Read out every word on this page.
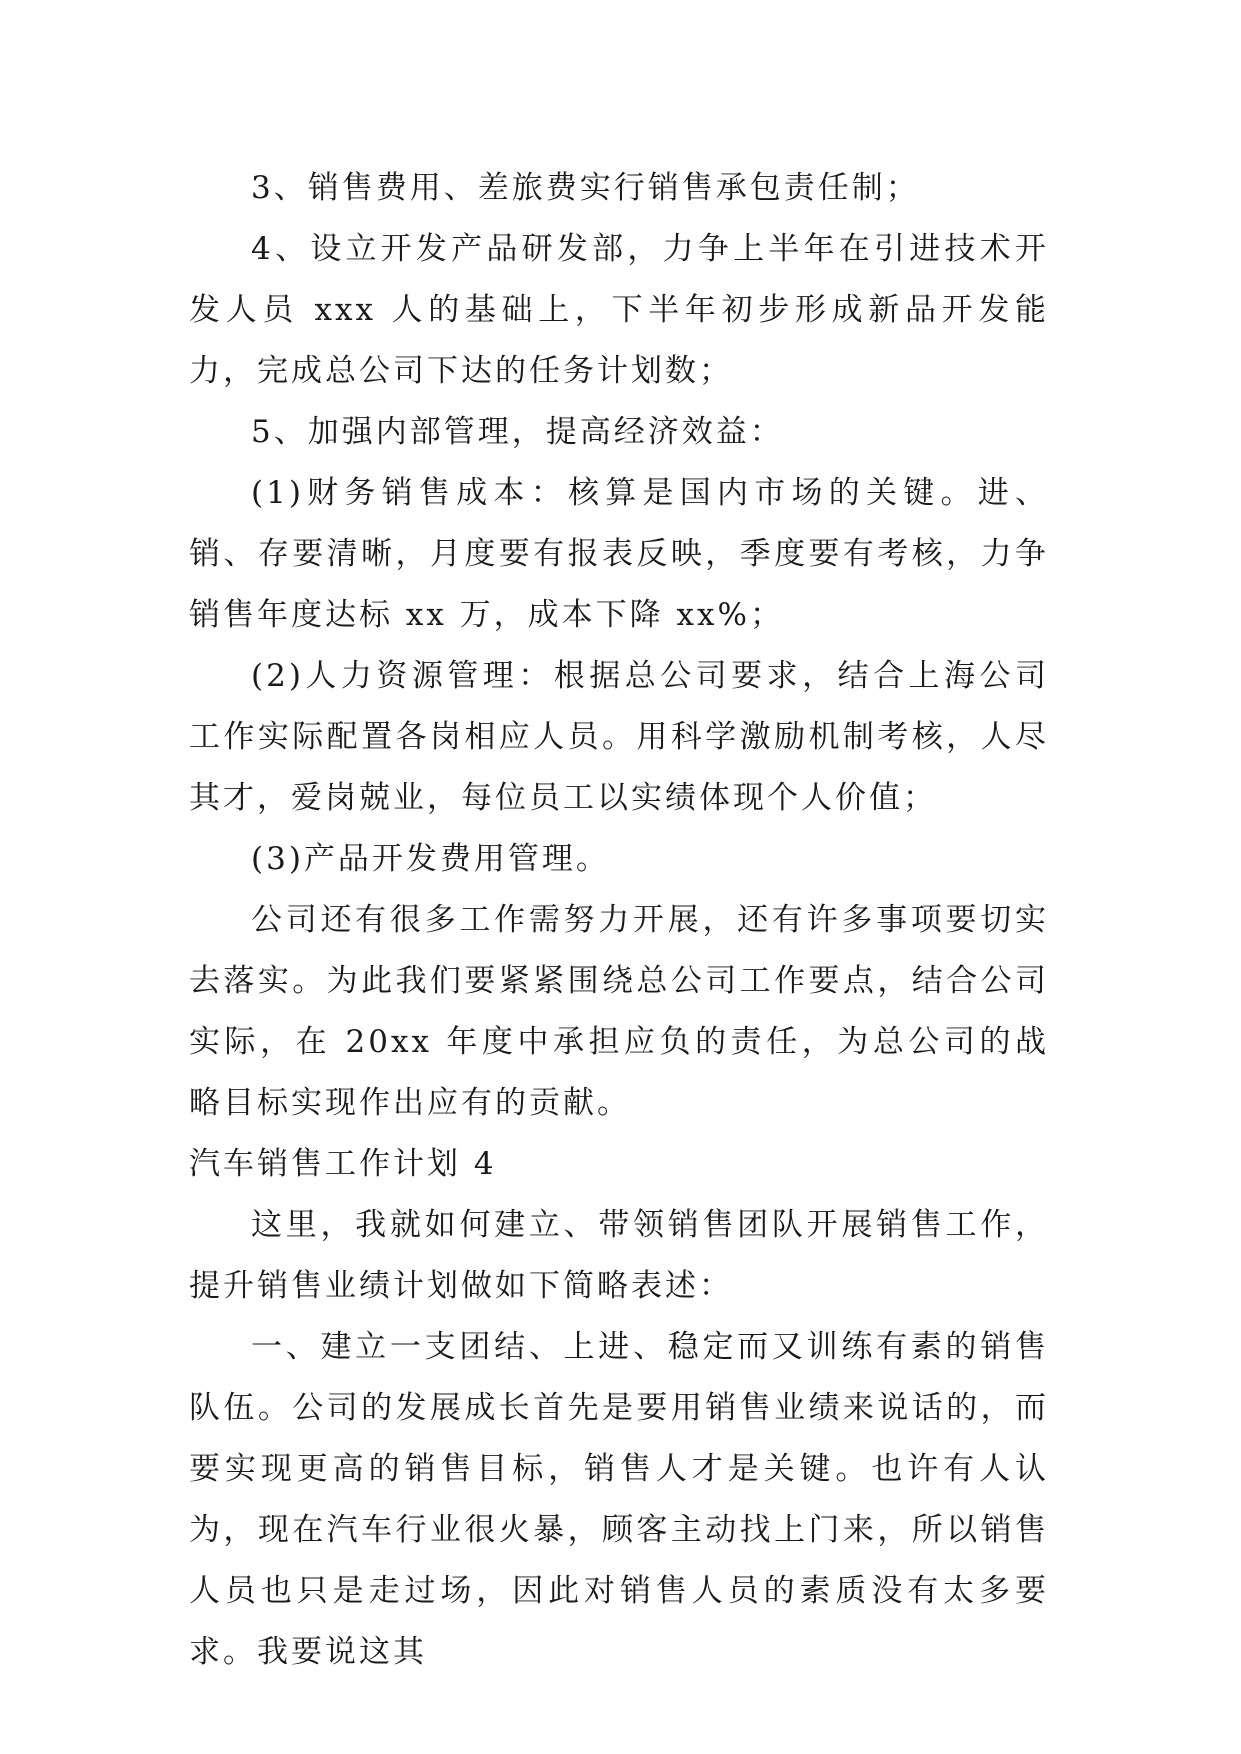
3、销售费用、差旅费实行销售承包责任制；

4、设立开发产品研发部，力争上半年在引进技术开发人员 xxx 人的基础上，下半年初步形成新品开发能力，完成总公司下达的任务计划数；

5、加强内部管理，提高经济效益：

(1)财务销售成本：核算是国内市场的关键。进、销、存要清晰，月度要有报表反映，季度要有考核，力争销售年度达标 xx 万，成本下降 xx%；

(2)人力资源管理：根据总公司要求，结合上海公司工作实际配置各岗相应人员。用科学激励机制考核，人尽其才，爱岗兢业，每位员工以实绩体现个人价值；

(3)产品开发费用管理。

公司还有很多工作需努力开展，还有许多事项要切实去落实。为此我们要紧紧围绕总公司工作要点，结合公司实际，在 20xx 年度中承担应负的责任，为总公司的战略目标实现作出应有的贡献。

汽车销售工作计划 4

这里，我就如何建立、带领销售团队开展销售工作，提升销售业绩计划做如下简略表述：

一、建立一支团结、上进、稳定而又训练有素的销售队伍。公司的发展成长首先是要用销售业绩来说话的，而要实现更高的销售目标，销售人才是关键。也许有人认为，现在汽车行业很火暴，顾客主动找上门来，所以销售人员也只是走过场，因此对销售人员的素质没有太多要求。我要说这其
